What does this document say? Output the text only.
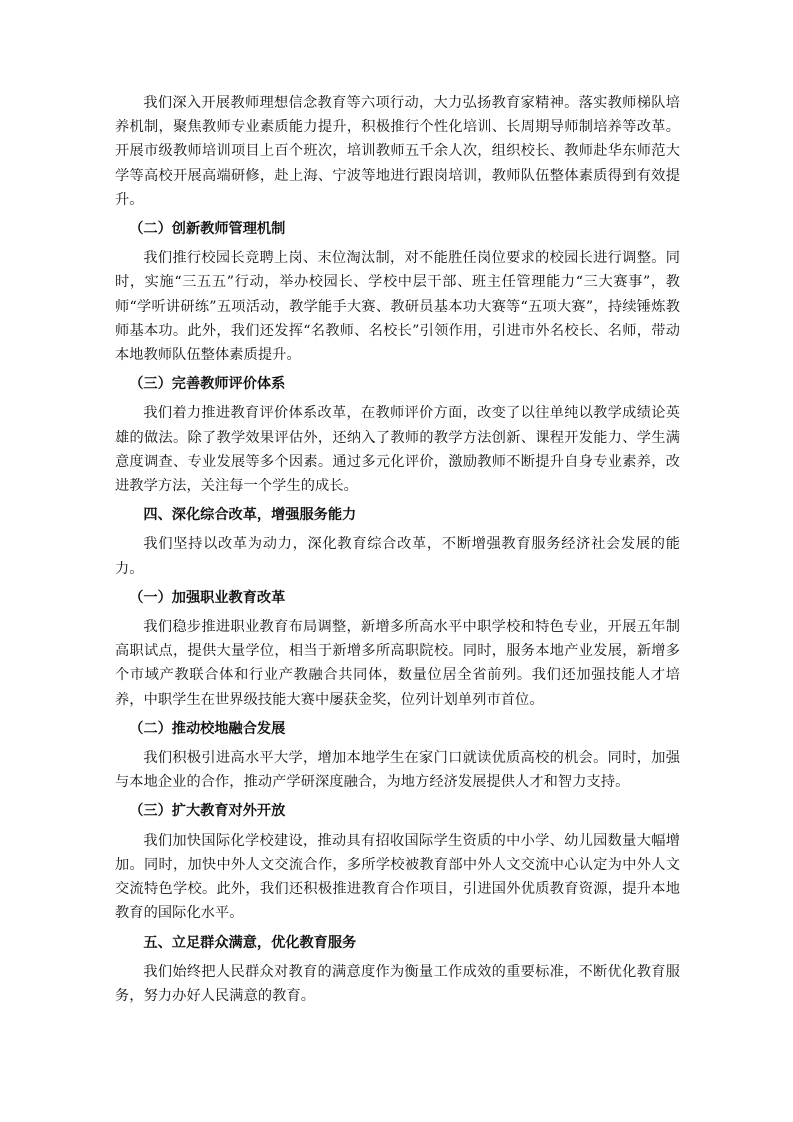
我们深入开展教师理想信念教育等六项行动，大力弘扬教育家精神。落实教师梯队培养机制，聚焦教师专业素质能力提升，积极推行个性化培训、长周期导师制培养等改革。开展市级教师培训项目上百个班次，培训教师五千余人次，组织校长、教师赴华东师范大学等高校开展高端研修，赴上海、宁波等地进行跟岗培训，教师队伍整体素质得到有效提升。

（二）创新教师管理机制

我们推行校园长竞聘上岗、末位淘汰制，对不能胜任岗位要求的校园长进行调整。同时，实施“三五五”行动，举办校园长、学校中层干部、班主任管理能力“三大赛事”，教师“学听讲研练”五项活动，教学能手大赛、教研员基本功大赛等“五项大赛”，持续锤炼教师基本功。此外，我们还发挥“名教师、名校长”引领作用，引进市外名校长、名师，带动本地教师队伍整体素质提升。

（三）完善教师评价体系

我们着力推进教育评价体系改革，在教师评价方面，改变了以往单纯以教学成绩论英雄的做法。除了教学效果评估外，还纳入了教师的教学方法创新、课程开发能力、学生满意度调查、专业发展等多个因素。通过多元化评价，激励教师不断提升自身专业素养，改进教学方法，关注每一个学生的成长。

四、深化综合改革，增强服务能力

我们坚持以改革为动力，深化教育综合改革，不断增强教育服务经济社会发展的能力。

（一）加强职业教育改革

我们稳步推进职业教育布局调整，新增多所高水平中职学校和特色专业，开展五年制高职试点，提供大量学位，相当于新增多所高职院校。同时，服务本地产业发展，新增多个市域产教联合体和行业产教融合共同体，数量位居全省前列。我们还加强技能人才培养，中职学生在世界级技能大赛中屡获金奖，位列计划单列市首位。

（二）推动校地融合发展

我们积极引进高水平大学，增加本地学生在家门口就读优质高校的机会。同时，加强与本地企业的合作，推动产学研深度融合，为地方经济发展提供人才和智力支持。

（三）扩大教育对外开放

我们加快国际化学校建设，推动具有招收国际学生资质的中小学、幼儿园数量大幅增加。同时，加快中外人文交流合作，多所学校被教育部中外人文交流中心认定为中外人文交流特色学校。此外，我们还积极推进教育合作项目，引进国外优质教育资源，提升本地教育的国际化水平。

五、立足群众满意，优化教育服务

我们始终把人民群众对教育的满意度作为衡量工作成效的重要标准，不断优化教育服务，努力办好人民满意的教育。
